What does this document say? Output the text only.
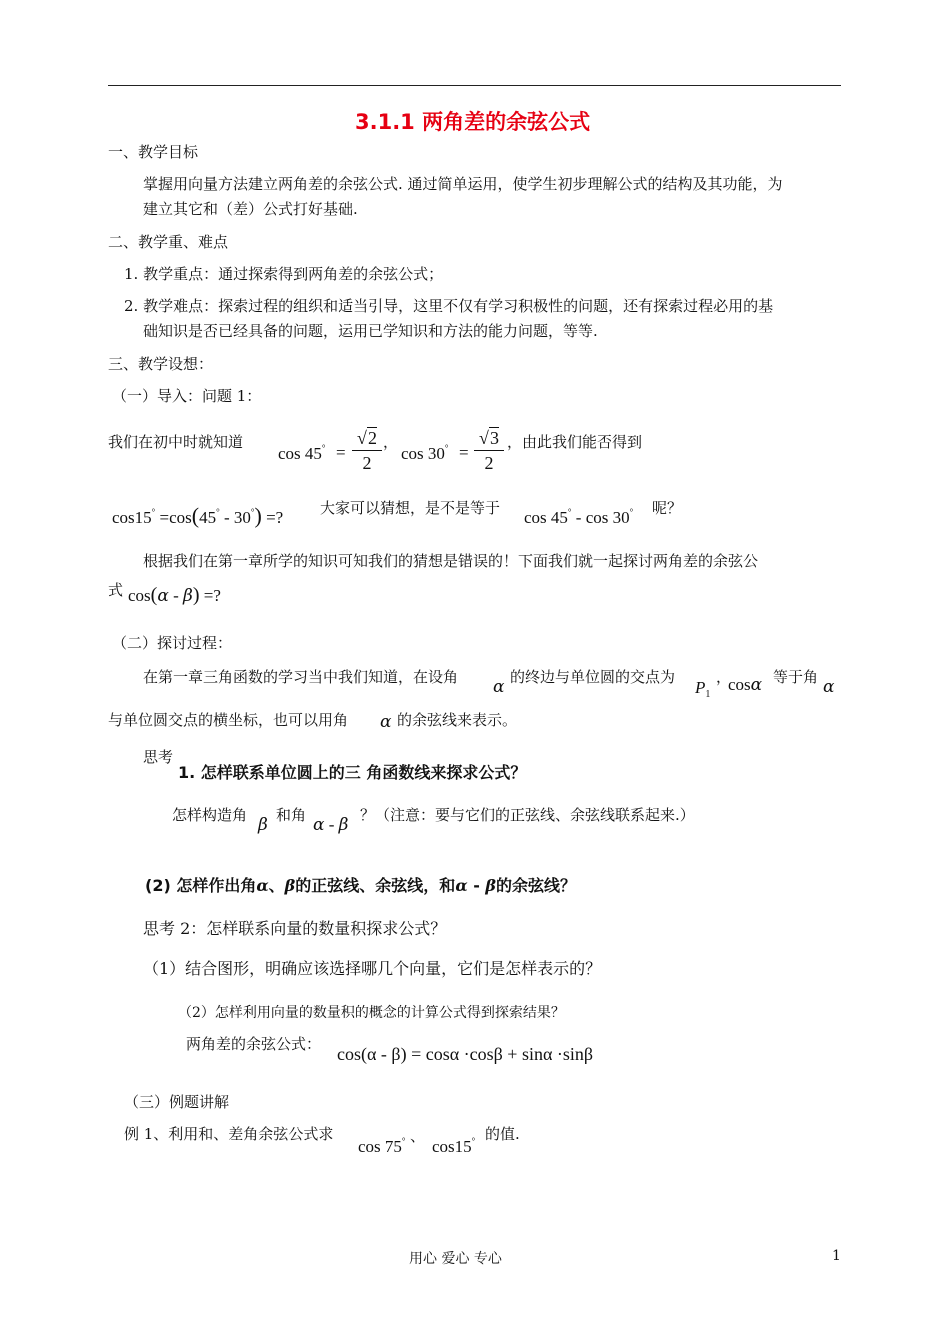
3.1.1 两角差的余弦公式
一、教学目标
掌握用向量方法建立两角差的余弦公式. 通过简单运用，使学生初步理解公式的结构及其功能，为
建立其它和（差）公式打好基础.
二、教学重、难点
1. 教学重点：通过探索得到两角差的余弦公式；
2. 教学难点：探索过程的组织和适当引导，这里不仅有学习积极性的问题，还有探索过程必用的基
础知识是否已经具备的问题，运用已学知识和方法的能力问题，等等.
三、教学设想：
（一）导入：问题 1：
我们在初中时就知道
$\cos 45^\circ = \frac{√2}{2}$ ，
$\cos 30^\circ = \frac{√3}{2}$ ，由此我们能否得到
cos15° =cos(45° - 30°) =? 大家可以猜想，是不是等于 cos 45° - cos 30° 呢？
根据我们在第一章所学的知识可知我们的猜想是错误的！下面我们就一起探讨两角差的余弦公
式 cos(α - β) =?
（二）探讨过程：
在第一章三角函数的学习当中我们知道，在设角 α 的终边与单位圆的交点为
$P_1$
，
cosα 等于角 α
与单位圆交点的横坐标，也可以用角 α 的余弦线来表示。
思考
1. 怎样联系单位圆上的三 角函数线来探求公式？
怎样构造角 β 和角 α - β ？（注意：要与它们的正弦线、余弦线联系起来.）
(2) 怎样作出角α、β的正弦线、余弦线，和α - β的余弦线？
思考 2：怎样联系向量的数量积探求公式？
（1）结合图形，明确应该选择哪几个向量，它们是怎样表示的？
（2）怎样利用向量的数量积的概念的计算公式得到探索结果？
两角差的余弦公式： cos(α - β) = cosα ·cosβ + sinα ·sinβ
（三）例题讲解
例 1、利用和、差角余弦公式求
cos 75° 、
cos15° 的值.
用心 爱心 专心	1
